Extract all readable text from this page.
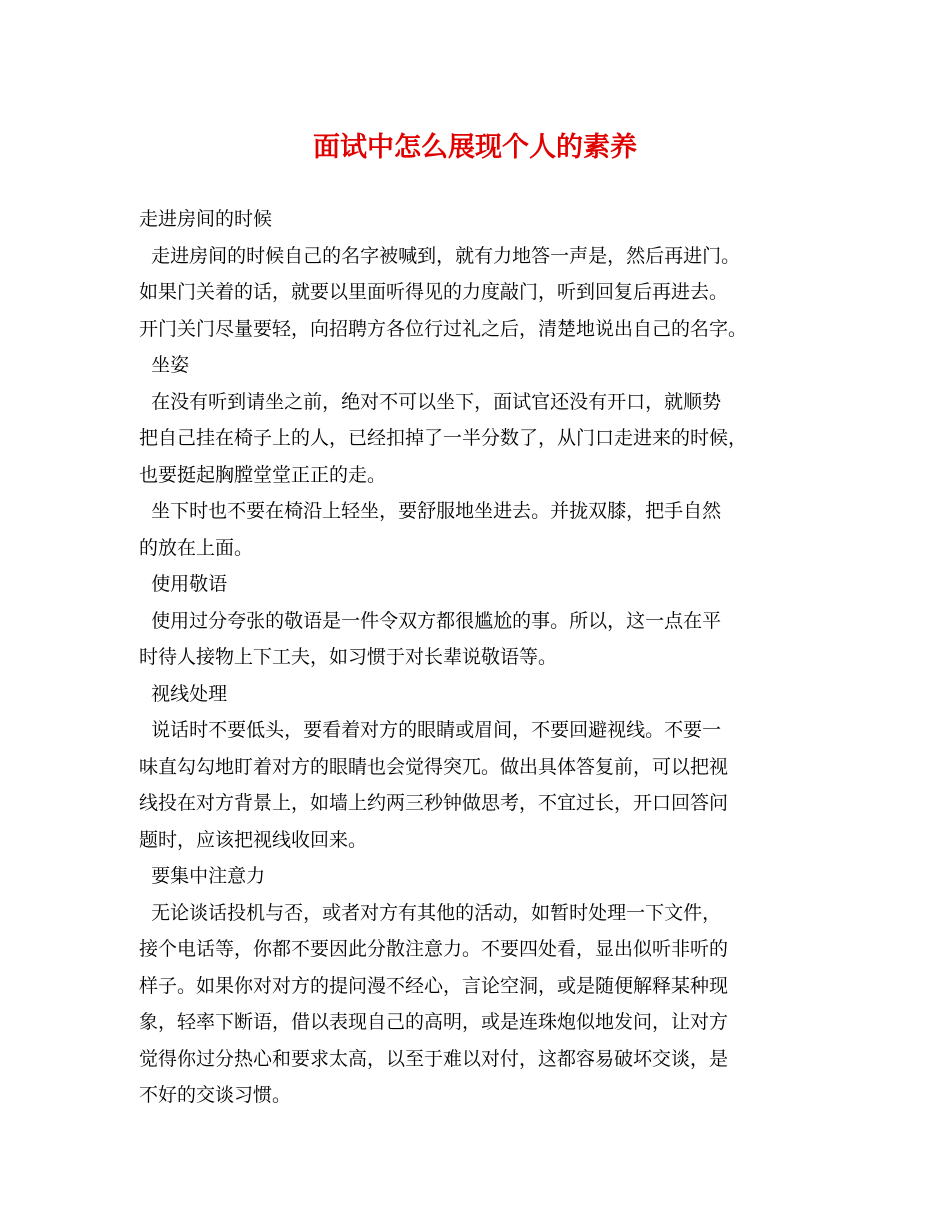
面试中怎么展现个人的素养
走进房间的时候
走进房间的时候自己的名字被喊到，就有力地答一声是，然后再进门。
如果门关着的话，就要以里面听得见的力度敲门，听到回复后再进去。
开门关门尽量要轻，向招聘方各位行过礼之后，清楚地说出自己的名字。
坐姿
在没有听到请坐之前，绝对不可以坐下，面试官还没有开口，就顺势
把自己挂在椅子上的人，已经扣掉了一半分数了，从门口走进来的时候，
也要挺起胸膛堂堂正正的走。
坐下时也不要在椅沿上轻坐，要舒服地坐进去。并拢双膝，把手自然
的放在上面。
使用敬语
使用过分夸张的敬语是一件令双方都很尴尬的事。所以，这一点在平
时待人接物上下工夫，如习惯于对长辈说敬语等。
视线处理
说话时不要低头，要看着对方的眼睛或眉间，不要回避视线。不要一
味直勾勾地盯着对方的眼睛也会觉得突兀。做出具体答复前，可以把视
线投在对方背景上，如墙上约两三秒钟做思考，不宜过长，开口回答问
题时，应该把视线收回来。
要集中注意力
无论谈话投机与否，或者对方有其他的活动，如暂时处理一下文件，
接个电话等，你都不要因此分散注意力。不要四处看，显出似听非听的
样子。如果你对对方的提问漫不经心，言论空洞，或是随便解释某种现
象，轻率下断语，借以表现自己的高明，或是连珠炮似地发问，让对方
觉得你过分热心和要求太高，以至于难以对付，这都容易破坏交谈，是
不好的交谈习惯。
